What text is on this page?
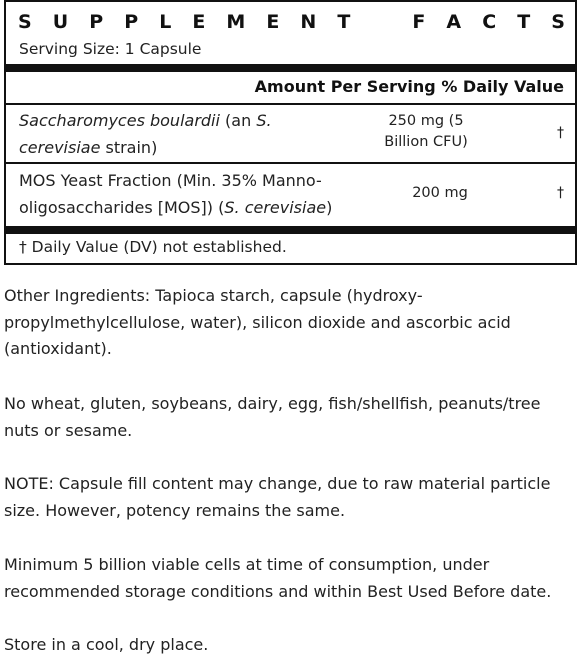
S U P P L E M E N T	F A C T S
Serving Size: 1 Capsule
Amount Per Serving % Daily Value
Saccharomyces boulardii (an S.
cerevisiae strain)
250 mg (5
Billion CFU)
†
MOS Yeast Fraction (Min. 35% Manno-
oligosaccharides [MOS]) (S. cerevisiae)
200 mg	†
† Daily Value (DV) not established.
Other Ingredients: Tapioca starch, capsule (hydroxy-
propylmethylcellulose, water), silicon dioxide and ascorbic acid
(antioxidant).
No wheat, gluten, soybeans, dairy, egg, fish/shellfish, peanuts/tree
nuts or sesame.
NOTE: Capsule fill content may change, due to raw material particle
size. However, potency remains the same.
Minimum 5 billion viable cells at time of consumption, under
recommended storage conditions and within Best Used Before date.
Store in a cool, dry place.
